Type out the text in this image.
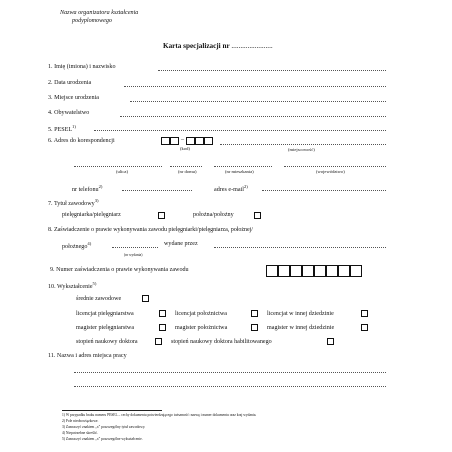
Nazwa organizatora kształcenia
podyplomowego
Karta specjalizacji nr .......................
1. Imię (imiona) i nazwisko
2. Data urodzenia
3. Miejsce urodzenia
4. Obywatelstwo
5. PESEL$^{1)}$
6. Adres do korespondencji	–
(kod)	(miejscowość)
(ulica)	(nr domu)	(nr mieszkania)	(województwo)
nr telefonu$^{2)}$
adres e-mail$^{2)}$
7. Tytuł zawodowy$^{3)}$
pielęgniarka/pielęgniarz	położna/położny
8. Zaświadczenie o prawie wykonywania zawodu pielęgniarki/pielęgniarza, położnej/
położnego$^{4)}$	wydane przez
(nr wydania)
9. Numer zaświadczenia o prawie wykonywania zawodu
10. Wykształcenie$^{5)}$
średnie zawodowe
licencjat pielęgniarstwa	licencjat położnictwa	licencjat w innej dziedzinie
magister pielęgniarstwa	magister położnictwa	magister w innej dziedzinie
stopień naukowy doktora	stopień naukowy doktora habilitowanego
11. Nazwa i adres miejsca pracy
1) W przypadku braku numeru PESEL – cechy dokumentu potwierdzającego tożsamość: nazwę i numer dokumentu oraz kraj wydania.
2) Pole nieobowiązkowe.
3) Zaznaczyć znakiem „x” poszczególny tytuł zawodowy.
4) Niepotrzebne skreślić.
5) Zaznaczyć znakiem „x” poszczególne wykształcenie.
